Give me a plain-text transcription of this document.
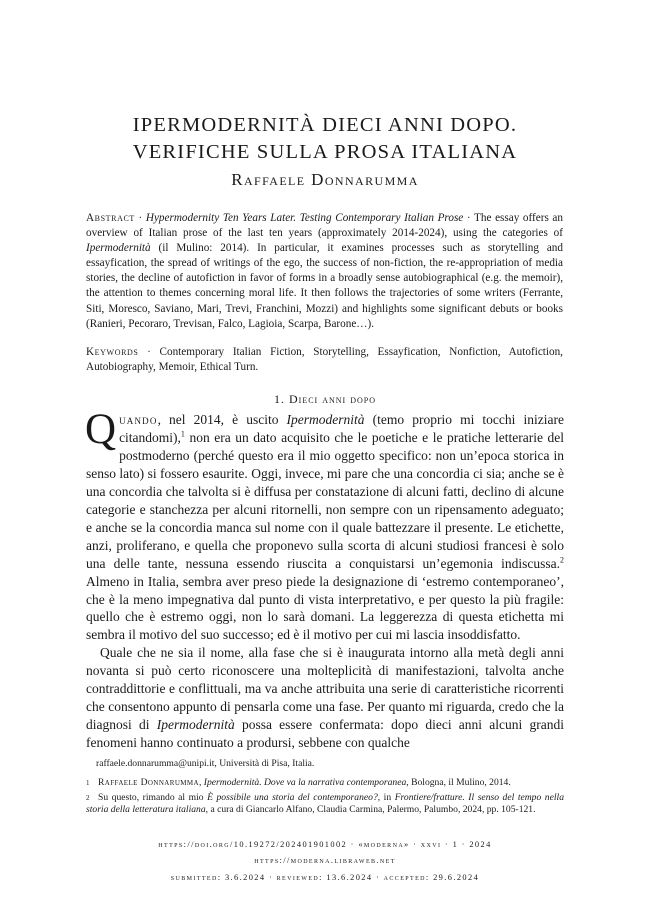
IPERMODERNITÀ DIECI ANNI DOPO.
VERIFICHE SULLA PROSA ITALIANA
Raffaele Donnarumma
Abstract · Hypermodernity Ten Years Later. Testing Contemporary Italian Prose · The essay offers an overview of Italian prose of the last ten years (approximately 2014-2024), using the categories of Ipermodernità (il Mulino: 2014). In particular, it examines processes such as storytelling and essayfication, the spread of writings of the ego, the success of non-fiction, the re-appropriation of media stories, the decline of autofiction in favor of forms in a broadly sense autobiographical (e.g. the memoir), the attention to themes concerning moral life. It then follows the trajectories of some writers (Ferrante, Siti, Moresco, Saviano, Mari, Trevi, Franchini, Mozzi) and highlights some significant debuts or books (Ranieri, Pecoraro, Trevisan, Falco, Lagioia, Scarpa, Barone…).
Keywords · Contemporary Italian Fiction, Storytelling, Essayfication, Nonfiction, Autofiction, Autobiography, Memoir, Ethical Turn.
1. Dieci anni dopo

Quando, nel 2014, è uscito Ipermodernità (temo proprio mi tocchi iniziare citandomi),$^1$ non era un dato acquisito che le poetiche e le pratiche letterarie del postmoderno (perché questo era il mio oggetto specifico: non un’epoca storica in senso lato) si fossero esaurite. Oggi, invece, mi pare che una concordia ci sia; anche se è una concordia che talvolta si è diffusa per constatazione di alcuni fatti, declino di alcune categorie e stanchezza per alcuni ritornelli, non sempre con un ripensamento adeguato; e anche se la concordia manca sul nome con il quale battezzare il presente. Le etichette, anzi, proliferano, e quella che proponevo sulla scorta di alcuni studiosi francesi è solo una delle tante, nessuna essendo riuscita a conquistarsi un’egemonia indiscussa.$^2$ Almeno in Italia, sembra aver preso piede la designazione di ‘estremo contemporaneo’, che è la meno impegnativa dal punto di vista interpretativo, e per questo la più fragile: quello che è estremo oggi, non lo sarà domani. La leggerezza di questa etichetta mi sembra il motivo del suo successo; ed è il motivo per cui mi lascia insoddisfatto.

Quale che ne sia il nome, alla fase che si è inaugurata intorno alla metà degli anni novanta si può certo riconoscere una molteplicità di manifestazioni, talvolta anche contraddittorie e conflittuali, ma va anche attribuita una serie di caratteristiche ricorrenti che consentono appunto di pensarla come una fase. Per quanto mi riguarda, credo che la diagnosi di Ipermodernità possa essere confermata: dopo dieci anni alcuni grandi fenomeni hanno continuato a prodursi, sebbene con qualche

raffaele.donnarumma@unipi.it, Università di Pisa, Italia.

1 Raffaele Donnarumma, Ipermodernità. Dove va la narrativa contemporanea, Bologna, il Mulino, 2014.

2 Su questo, rimando al mio È possibile una storia del contemporaneo?, in Frontiere/fratture. Il senso del tempo nella storia della letteratura italiana, a cura di Giancarlo Alfano, Claudia Carmina, Palermo, Palumbo, 2024, pp. 105-121.

https://doi.org/10.19272/202401901002 · «moderna» · xxvi · 1 · 2024
https://moderna.libraweb.net
submitted: 3.6.2024 · reviewed: 13.6.2024 · accepted: 29.6.2024
